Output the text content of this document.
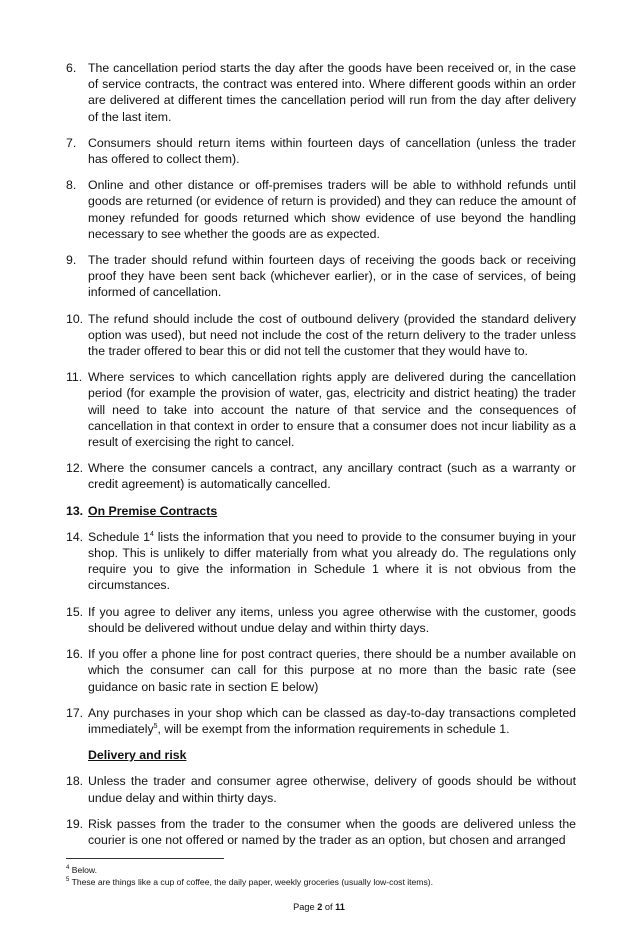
6. The cancellation period starts the day after the goods have been received or, in the case of service contracts, the contract was entered into. Where different goods within an order are delivered at different times the cancellation period will run from the day after delivery of the last item.
7. Consumers should return items within fourteen days of cancellation (unless the trader has offered to collect them).
8. Online and other distance or off-premises traders will be able to withhold refunds until goods are returned (or evidence of return is provided) and they can reduce the amount of money refunded for goods returned which show evidence of use beyond the handling necessary to see whether the goods are as expected.
9. The trader should refund within fourteen days of receiving the goods back or receiving proof they have been sent back (whichever earlier), or in the case of services, of being informed of cancellation.
10. The refund should include the cost of outbound delivery (provided the standard delivery option was used), but need not include the cost of the return delivery to the trader unless the trader offered to bear this or did not tell the customer that they would have to.
11. Where services to which cancellation rights apply are delivered during the cancellation period (for example the provision of water, gas, electricity and district heating) the trader will need to take into account the nature of that service and the consequences of cancellation in that context in order to ensure that a consumer does not incur liability as a result of exercising the right to cancel.
12. Where the consumer cancels a contract, any ancillary contract (such as a warranty or credit agreement) is automatically cancelled.
13. On Premise Contracts
14. Schedule $1^4$ lists the information that you need to provide to the consumer buying in your shop. This is unlikely to differ materially from what you already do. The regulations only require you to give the information in Schedule 1 where it is not obvious from the circumstances.
15. If you agree to deliver any items, unless you agree otherwise with the customer, goods should be delivered without undue delay and within thirty days.
16. If you offer a phone line for post contract queries, there should be a number available on which the consumer can call for this purpose at no more than the basic rate (see guidance on basic rate in section E below)
17. Any purchases in your shop which can be classed as day-to-day transactions completed immediately$^5$, will be exempt from the information requirements in schedule 1.
Delivery and risk
18. Unless the trader and consumer agree otherwise, delivery of goods should be without undue delay and within thirty days.
19. Risk passes from the trader to the consumer when the goods are delivered unless the courier is one not offered or named by the trader as an option, but chosen and arranged
$^4$ Below.
$^5$ These are things like a cup of coffee, the daily paper, weekly groceries (usually low-cost items).
Page 2 of 11
